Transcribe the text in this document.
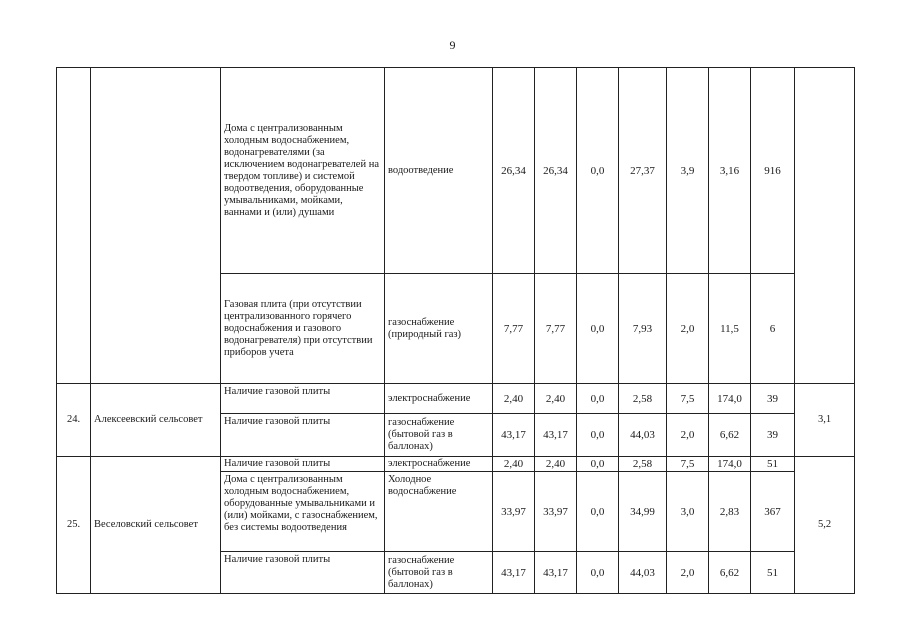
9
		Дома с централизованным холодным водоснабжением, водонагревателями (за исключением водонагревателей на твердом топливе) и системой водоотведения, оборудованные умывальниками, мойками, ваннами и (или) душами	водоотведение	26,34	26,34	0,0	27,37	3,9	3,16	916	
		Газовая плита (при отсутствии централизованного горячего водоснабжения и газового водонагревателя) при отсутствии приборов учета	газоснабжение (природный газ)	7,77	7,77	0,0	7,93	2,0	11,5	6	
24.	Алексеевский сельсовет	Наличие газовой плиты	электроснабжение	2,40	2,40	0,0	2,58	7,5	174,0	39	3,1
		Наличие газовой плиты	газоснабжение (бытовой газ в баллонах)	43,17	43,17	0,0	44,03	2,0	6,62	39	
25.	Веселовский сельсовет	Наличие газовой плиты	электроснабжение	2,40	2,40	0,0	2,58	7,5	174,0	51	5,2
		Дома с централизованным холодным водоснабжением, оборудованные умывальниками и (или) мойками, с газоснабжением, без системы водоотведения	Холодное водоснабжение	33,97	33,97	0,0	34,99	3,0	2,83	367	
		Наличие газовой плиты	газоснабжение (бытовой газ в баллонах)	43,17	43,17	0,0	44,03	2,0	6,62	51	
